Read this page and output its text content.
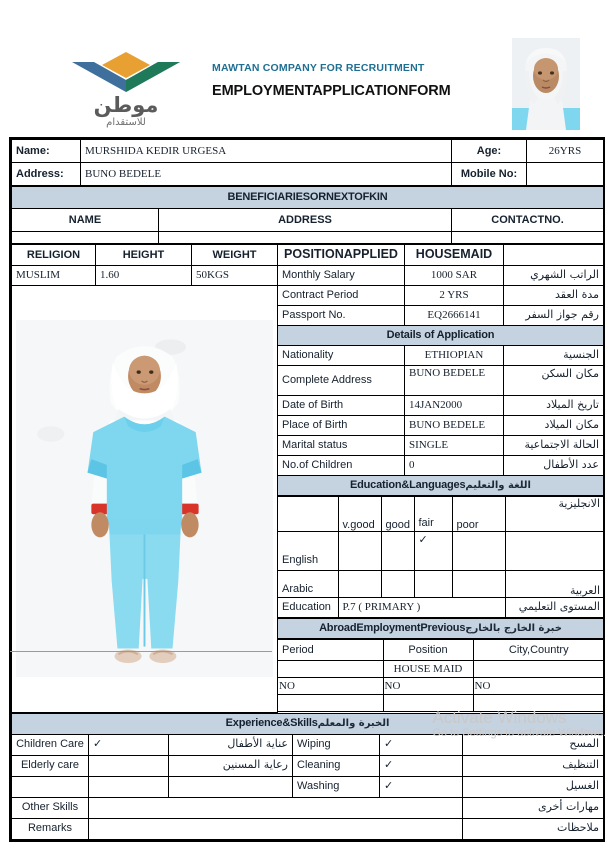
موطن
للاستقدام
MAWTAN COMPANY FOR RECRUITMENT
EMPLOYMENTAPPLICATIONFORM
Name:	MURSHIDA KEDIR URGESA	Age:	26YRS
Address:	BUNO BEDELE	Mobile No:	
BENEFICIARIESORNEXTOFKIN		
NAME	ADDRESS	CONTACTNO.

RELIGION	HEIGHT	WEIGHT	POSITIONAPPLIED	HOUSEMAID	
MUSLIM	1.60	50KGS	Monthly Salary	1000 SAR	الراتب الشهري

	Contract Period	2 YRS	مدة العقد
Passport No.	EQ2666141	رقم جواز السفر
Details of Application
Nationality	ETHIOPIAN	الجنسية
Complete Address	BUNO BEDELE	مكان السكن
Date of Birth	14JAN2000	تاريخ الميلاد
Place of Birth	BUNO BEDELE	مكان الميلاد
Marital status	SINGLE	الحالة الاجتماعية
No.of Children	0	عدد الأطفال

Education&Languages اللغة والتعليم

	v.good	good	fair	poor	الانجليزية
English			✓		
Arabic					العربية
Education	P.7 ( PRIMARY )	المستوى التعليمي

AbroadEmploymentPrevious خبرة الخارج بالخارج

Period	Position	City,Country
	HOUSE MAID	
NO	NO	NO

Experience&Skills الخبرة والمعلم					

Children Care	✓	عناية الأطفال	Wiping	✓	المسح
Elderly care		رعاية المسنين	Cleaning	✓	التنظيف
			Washing	✓	الغسيل
Other Skills					مهارات أخرى
Remarks					ملاحظات
Activate Windows
Go to Settings to activate Windows.
